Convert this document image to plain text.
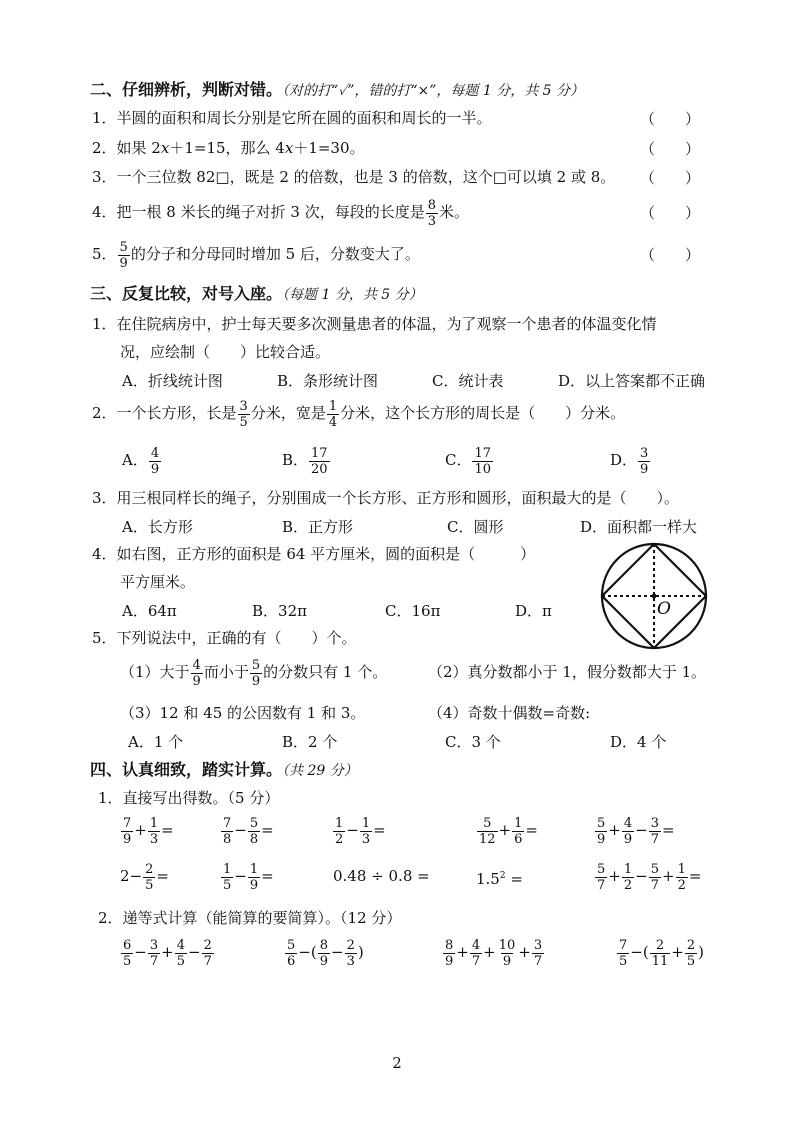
二、仔细辨析，判断对错。（对的打“✓”，错的打“×”，每题 1 分，共 5 分）
1．半圆的面积和周长分别是它所在圆的面积和周长的一半。	（　　）
2．如果 2x＋1=15，那么 4x＋1=30。	（　　）
3．一个三位数 82□，既是 2 的倍数，也是 3 的倍数，这个□可以填 2 或 8。 （　　）
4．把一根 8 米长的绳子对折 3 次，每段的长度是 $\frac{8}{3}$ 米。	（　　）
5． $\frac{5}{9}$ 的分子和分母同时增加 5 后，分数变大了。	（　　）
三、反复比较，对号入座。（每题 1 分，共 5 分）
1．在住院病房中，护士每天要多次测量患者的体温，为了观察一个患者的体温变化情
况，应绘制（　　）比较合适。
A．折线统计图	B．条形统计图	C．统计表	D．以上答案都不正确
2．一个长方形，长是 $\frac{3}{5}$ 分米，宽是 $\frac{1}{4}$ 分米，这个长方形的周长是（　　）分米。
A． $\frac{4}{9}$	B． $\frac{17}{20}$	C． $\frac{17}{10}$	D． $\frac{3}{9}$
3．用三根同样长的绳子，分别围成一个长方形、正方形和圆形，面积最大的是（　　）。
A．长方形	B．正方形	C．圆形	D．面积都一样大
4．如右图，正方形的面积是 64 平方厘米，圆的面积是（　　　）
平方厘米。
A．64π	B．32π	C．16π	D．π	O
5．下列说法中，正确的有（　　）个。
（1）大于 $\frac{4}{9}$ 而小于 $\frac{5}{9}$ 的分数只有 1 个。	（2）真分数都小于 1，假分数都大于 1。
（3）12 和 45 的公因数有 1 和 3。	（4）奇数十偶数=奇数:
A．1 个	B．2 个	C．3 个	D．4 个
四、认真细致，踏实计算。（共 29 分）
1．直接写出得数。（5 分）
$\frac{7}{9} + \frac{1}{3}$ =	$\frac{7}{8} - \frac{5}{8}$ =	$\frac{1}{2} - \frac{1}{3}$ =	$\frac{5}{12} + \frac{1}{6}$ =	$\frac{5}{9} + \frac{4}{9} - \frac{3}{7}$ =
$2- \frac{2}{5}$ =	$\frac{1}{5} - \frac{1}{9}$ =	0.48 ÷ 0.8 =	$1.5^2$ =	$\frac{5}{7} + \frac{1}{2} - \frac{5}{7} + \frac{1}{2}$ =
2．递等式计算（能简算的要简算）。（12 分）
$\frac{6}{5} - \frac{3}{7} + \frac{4}{5} - \frac{2}{7}$	$\frac{5}{6}$ −( $\frac{8}{9} - \frac{2}{3}$ )	$\frac{8}{9} + \frac{4}{7} + \frac{10}{9} + \frac{3}{7}$	$\frac{7}{5}$ −( $\frac{2}{11} + \frac{2}{5}$ )
2
